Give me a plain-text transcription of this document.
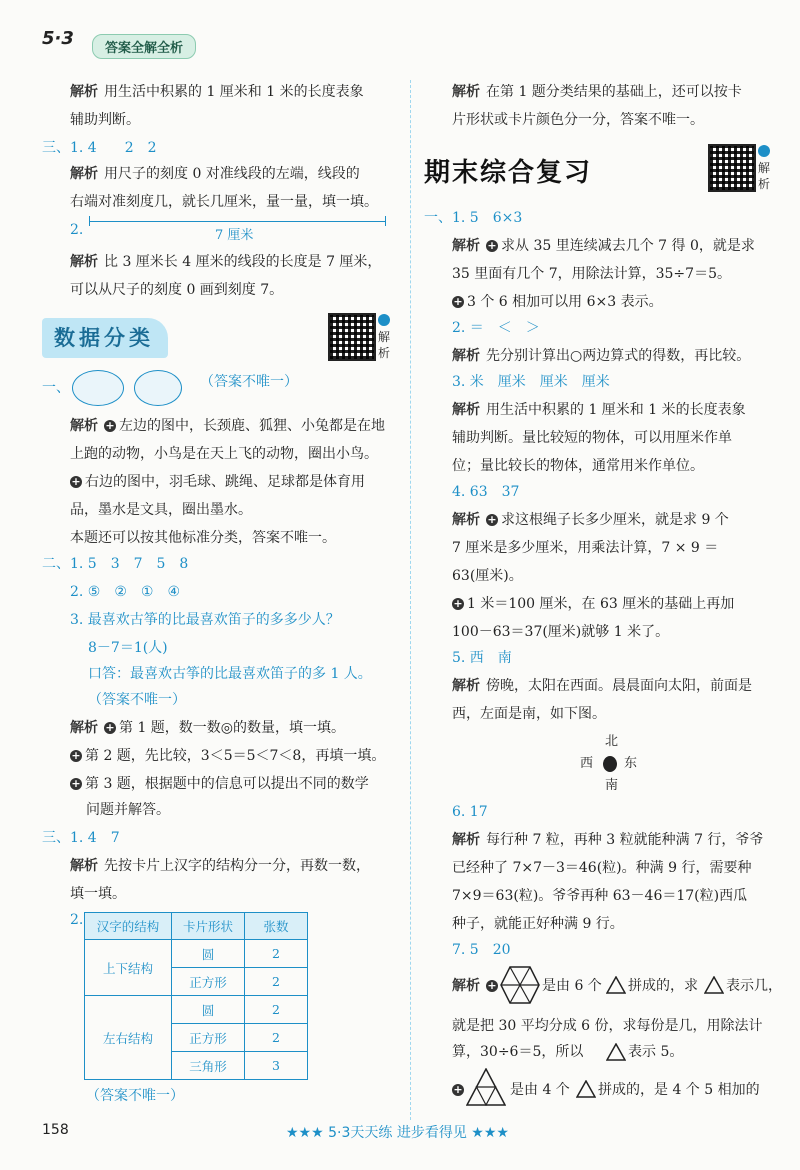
5·3	答案全解全析
解析 用生活中积累的 1 厘米和 1 米的长度表象
辅助判断。
三、1. 4　　2　2
解析 用尺子的刻度 0 对准线段的左端，线段的
右端对准刻度几，就长几厘米，量一量，填一填。
2.	7 厘米
解析 比 3 厘米长 4 厘米的线段的长度是 7 厘米，
可以从尺子的刻度 0 画到刻度 7。
数据分类	解
析
一、	（答案不唯一）
解析 + 左边的图中，长颈鹿、狐狸、小兔都是在地
上跑的动物，小鸟是在天上飞的动物，圈出小鸟。
+ 右边的图中，羽毛球、跳绳、足球都是体育用
品，墨水是文具，圈出墨水。
本题还可以按其他标准分类，答案不唯一。
二、1. 5　3　7　5　8
2. ⑤　②　①　④
3. 最喜欢古筝的比最喜欢笛子的多多少人？
8－7＝1(人)
口答：最喜欢古筝的比最喜欢笛子的多 1 人。
（答案不唯一）
解析 + 第 1 题，数一数◎的数量，填一填。
+ 第 2 题，先比较，3＜5＝5＜7＜8，再填一填。
+ 第 3 题，根据题中的信息可以提出不同的数学
问题并解答。
三、1. 4　7
解析 先按卡片上汉字的结构分一分，再数一数，
填一填。
2. 汉字的结构	卡片形状	张数
上下结构	圆	2
	正方形	2
左右结构	圆	2
	正方形	2
	三角形	3
（答案不唯一）
解析 在第 1 题分类结果的基础上，还可以按卡
片形状或卡片颜色分一分，答案不唯一。
期末综合复习	解
析
一、1. 5　6×3
解析 + 求从 35 里连续减去几个 7 得 0，就是求
35 里面有几个 7，用除法计算，35÷7＝5。
+ 3 个 6 相加可以用 6×3 表示。
2. ＝　＜　＞
解析 先分别计算出○两边算式的得数，再比较。
3. 米　厘米　厘米　厘米
解析 用生活中积累的 1 厘米和 1 米的长度表象
辅助判断。量比较短的物体，可以用厘米作单
位；量比较长的物体，通常用米作单位。
4. 63　37
解析 + 求这根绳子长多少厘米，就是求 9 个
7 厘米是多少厘米，用乘法计算，7 × 9 ＝
63(厘米)。
+ 1 米＝100 厘米，在 63 厘米的基础上再加
100－63＝37(厘米)就够 1 米了。
5. 西　南
解析 傍晚，太阳在西面。晨晨面向太阳，前面是
西，左面是南，如下图。
北
西 东
南
6. 17
解析 每行种 7 粒，再种 3 粒就能种满 7 行，爷爷
已经种了 7×7－3＝46(粒)。种满 9 行，需要种
7×9＝63(粒)。爷爷再种 63－46＝17(粒)西瓜
种子，就能正好种满 9 行。
7. 5　20
解析 +	是由 6 个 拼成的，求 表示几，
就是把 30 平均分成 6 份，求每份是几，用除法计
算，30÷6＝5，所以	表示 5。
+	是由 4 个 拼成的，是 4 个 5 相加的
158	★★★ 5·3天天练 进步看得见 ★★★
